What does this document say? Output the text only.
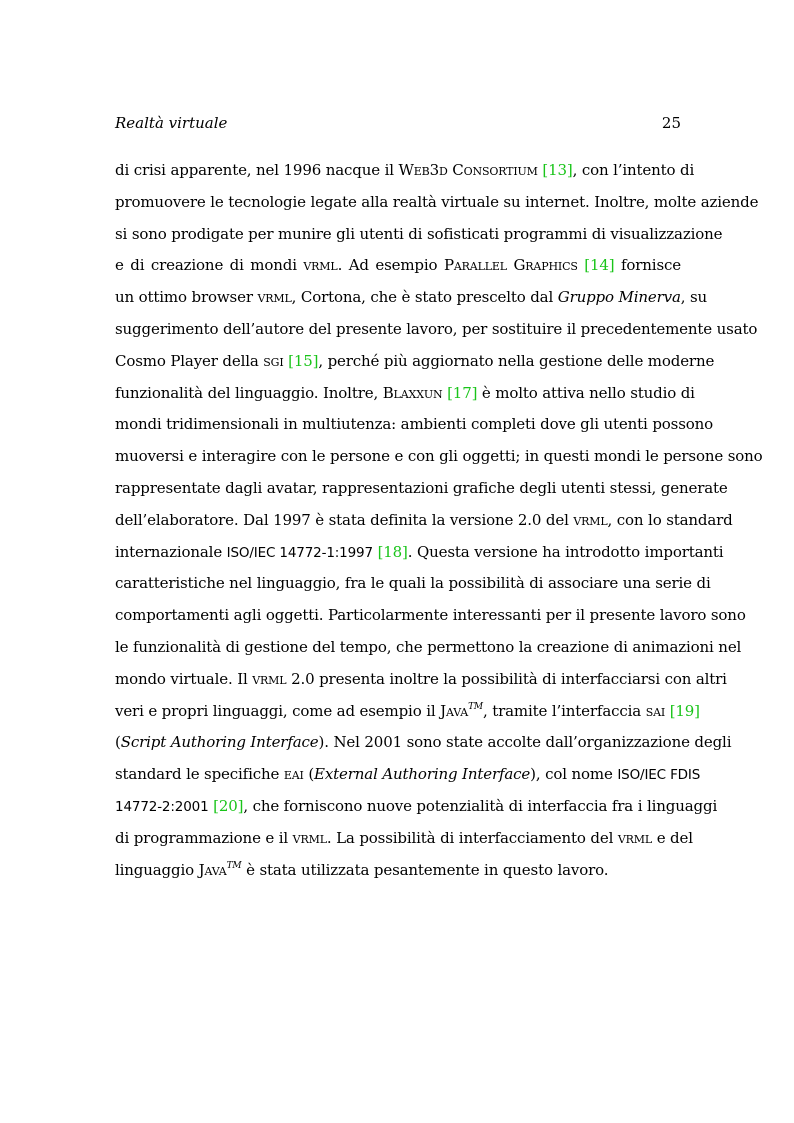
Realtà virtuale	25
di crisi apparente, nel 1996 nacque il Web3d Consortium [13], con l’intento di
promuovere le tecnologie legate alla realtà virtuale su internet. Inoltre, molte aziende
si sono prodigate per munire gli utenti di sofisticati programmi di visualizzazione
e di creazione di mondi vrml. Ad esempio Parallel Graphics [14] fornisce
un ottimo browser vrml, Cortona, che è stato prescelto dal Gruppo Minerva, su
suggerimento dell’autore del presente lavoro, per sostituire il precedentemente usato
Cosmo Player della sgi [15], perché più aggiornato nella gestione delle moderne
funzionalità del linguaggio. Inoltre, Blaxxun [17] è molto attiva nello studio di
mondi tridimensionali in multiutenza: ambienti completi dove gli utenti possono
muoversi e interagire con le persone e con gli oggetti; in questi mondi le persone sono
rappresentate dagli avatar, rappresentazioni grafiche degli utenti stessi, generate
dell’elaboratore. Dal 1997 è stata definita la versione 2.0 del vrml, con lo standard
internazionale ISO/IEC 14772-1:1997 [18]. Questa versione ha introdotto importanti
caratteristiche nel linguaggio, fra le quali la possibilità di associare una serie di
comportamenti agli oggetti. Particolarmente interessanti per il presente lavoro sono
le funzionalità di gestione del tempo, che permettono la creazione di animazioni nel
mondo virtuale. Il vrml 2.0 presenta inoltre la possibilità di interfacciarsi con altri
veri e propri linguaggi, come ad esempio il Java™, tramite l’interfaccia sai [19]
(Script Authoring Interface). Nel 2001 sono state accolte dall’organizzazione degli
standard le specifiche eai (External Authoring Interface), col nome ISO/IEC FDIS
14772-2:2001 [20], che forniscono nuove potenzialità di interfaccia fra i linguaggi
di programmazione e il vrml. La possibilità di interfacciamento del vrml e del
linguaggio Java™ è stata utilizzata pesantemente in questo lavoro.
